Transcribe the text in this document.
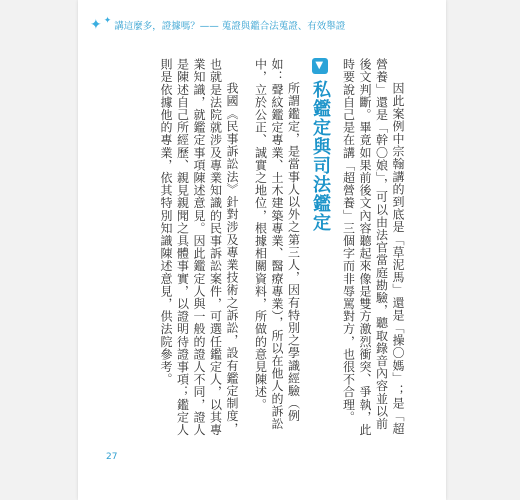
✦ ✦ 講這麼多，證據嗎？—— 蒐證與鑑合法蒐證、有效舉證

因此案例中宗翰講的到底是「草泥馬」還是「操〇媽」；是「超營養」還是「幹〇娘」，可以由法官當庭勘驗，聽取錄音內容並以前後文判斷。畢竟如果前後文內容聽起來像是雙方激烈衝突、爭執，此時要說自己是在講「超營養」三個字而非辱罵對方，也很不合理。

▼
私鑑定與司法鑑定

所謂鑑定，是當事人以外之第三人，因有特別之學識經驗（例如：聲紋鑑定專業、土木建築專業、醫療專業），所以在他人的訴訟中，立於公正、誠實之地位，根據相關資料，所做的意見陳述。

我國《民事訴訟法》針對涉及專業技術之訴訟，設有鑑定制度，也就是法院就涉及專業知識的民事訴訟案件，可選任鑑定人，以其專業知識，就鑑定事項陳述意見。因此鑑定人與一般的證人不同，證人是陳述自己所經歷、親見親聞之具體事實，以證明待證事項；鑑定人則是依據他的專業，依其特別知識陳述意見，供法院參考。

27
